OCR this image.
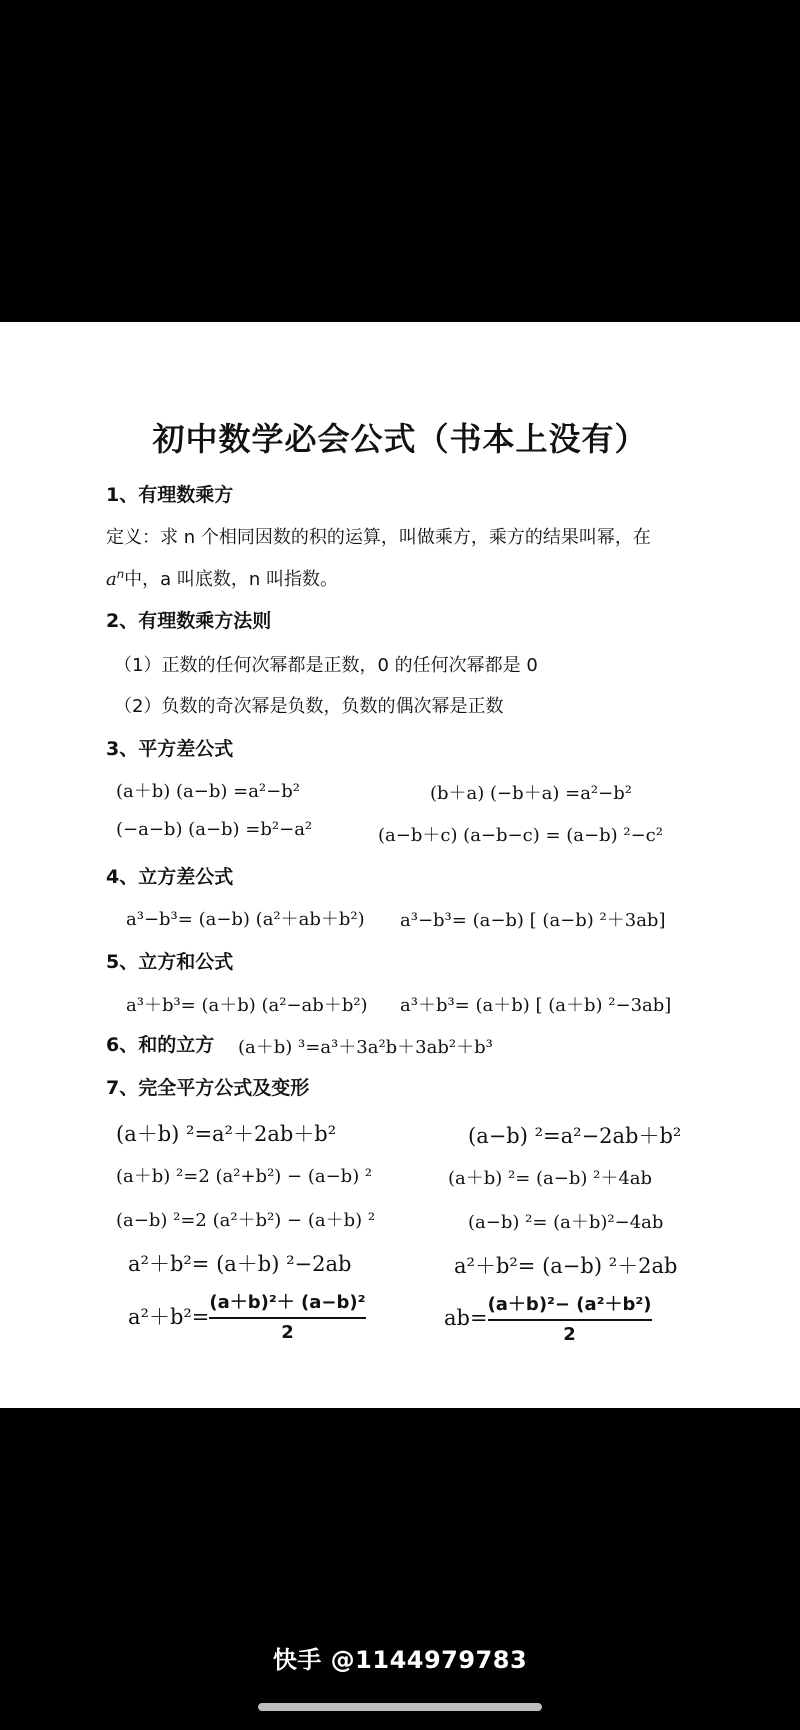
初中数学必会公式（书本上没有）
1、有理数乘方
定义：求 n 个相同因数的积的运算，叫做乘方，乘方的结果叫幂，在
$a^n$中，a 叫底数，n 叫指数。
2、有理数乘方法则
（1）正数的任何次幂都是正数，0 的任何次幂都是 0
（2）负数的奇次幂是负数，负数的偶次幂是正数
3、平方差公式
(a＋b) (a−b) =a²−b²	(b＋a) (−b＋a) =a²−b²
(−a−b) (a−b) =b²−a²	(a−b＋c) (a−b−c) = (a−b) ²−c²
4、立方差公式
a³−b³= (a−b) (a²＋ab＋b²) a³−b³= (a−b) [ (a−b) ²＋3ab]
5、立方和公式
a³＋b³= (a＋b) (a²−ab＋b²) a³＋b³= (a＋b) [ (a＋b) ²−3ab]
6、和的立方 (a＋b) ³=a³＋3a²b＋3ab²＋b³
7、完全平方公式及变形
(a＋b) ²=a²＋2ab＋b²	(a−b) ²=a²−2ab＋b²
(a＋b) ²=2 (a²+b²) − (a−b) ²	(a＋b) ²= (a−b) ²＋4ab
(a−b) ²=2 (a²＋b²) − (a＋b) ²	(a−b) ²= (a＋b)²−4ab
a²＋b²= (a＋b) ²−2ab	a²＋b²= (a−b) ²＋2ab
a²＋b²=
(a＋b)²＋ (a−b)²
2
ab=
(a＋b)²− (a²＋b²)
2
快手 @1144979783
